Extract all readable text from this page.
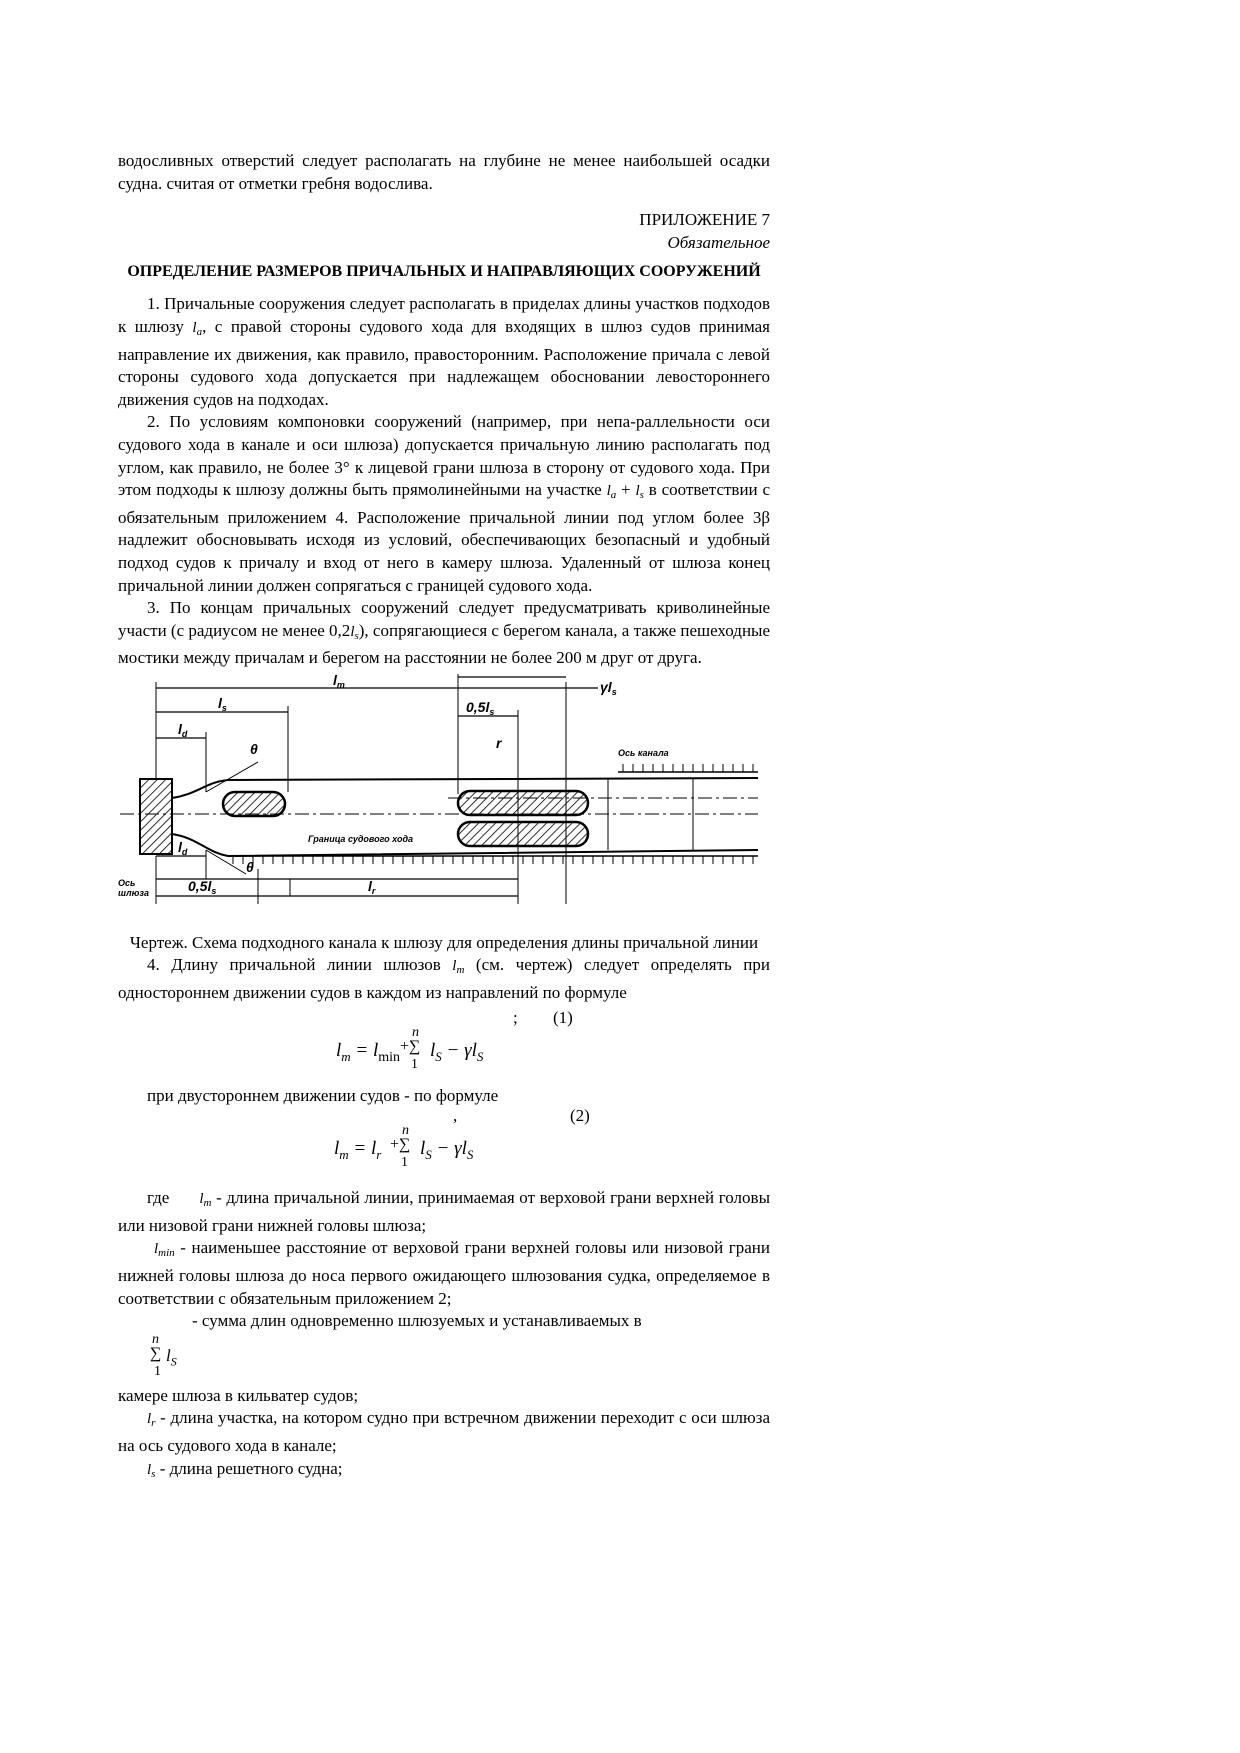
водосливных отверстий следует располагать на глубине не менее наибольшей осадки судна. считая от отметки гребня водослива.

ПРИЛОЖЕНИЕ 7

Обязательное

ОПРЕДЕЛЕНИЕ РАЗМЕРОВ ПРИЧАЛЬНЫХ И НАПРАВЛЯЮЩИХ СООРУЖЕНИЙ

1. Причальные сооружения следует располагать в приделах длины участков подходов к шлюзу $l_a$, с правой стороны судового хода для входящих в шлюз судов принимая направление их движения, как правило, правосторонним. Расположение причала с левой стороны судового хода допускается при надлежащем обосновании левостороннего движения судов на подходах.

2. По условиям компоновки сооружений (например, при непа-раллельности оси судового хода в канале и оси шлюза) допускается причальную линию располагать под углом, как правило, не более 3° к лицевой грани шлюза в сторону от судового хода. При этом подходы к шлюзу должны быть прямолинейными на участке $l_a + l_s$ в соответствии с обязательным приложением 4. Расположение причальной линии под углом более 3β надлежит обосновывать исходя из условий, обеспечивающих безопасный и удобный подход судов к причалу и вход от него в камеру шлюза. Удаленный от шлюза конец причальной линии должен сопрягаться с границей судового хода.

3. По концам причальных сооружений следует предусматривать криволинейные участи (с радиусом не менее $0,2l_s$), сопрягающиеся с берегом канала, а также пешеходные мостики между причалам и берегом на расстоянии не более 200 м друг от друга.

$l_m$
$l_s$
$l_d$
$0,5l_s$
$\gamma l_s$
θ	r
$l_d$
$0,5l_s$
θ
$l_r$
Ось канала
Граница судового хода
Ось
шлюза

Чертеж. Схема подходного канала к шлюзу для определения длины причальной линии

4. Длину причальной линии шлюзов $l_m$ (см. чертеж) следует определять при одностороннем движении судов в каждом из направлений по формуле

; (1)
$l_m = l_{min}$
n
+∑
1
$l_S - \gamma l_S$

при двустороннем движении судов - по формуле

,	(2)
$l_m = l_r$
n
+∑
1
$l_S - \gamma l_S$

где $l_m$ - длина причальной линии, принимаемая от верховой грани верхней головы или низовой грани нижней головы шлюза;

$l_{min}$ - наименьшее расстояние от верховой грани верхней головы или низовой грани нижней головы шлюза до носа первого ожидающего шлюзования судка, определяемое в соответствии с обязательным приложением 2;

- сумма длин одновременно шлюзуемых и устанавливаемых в

n
∑ $l_S$
1

камере шлюза в кильватер судов;

$l_r$ - длина участка, на котором судно при встречном движении переходит с оси шлюза на ось судового хода в канале;

$l_s$ - длина решетного судна;
